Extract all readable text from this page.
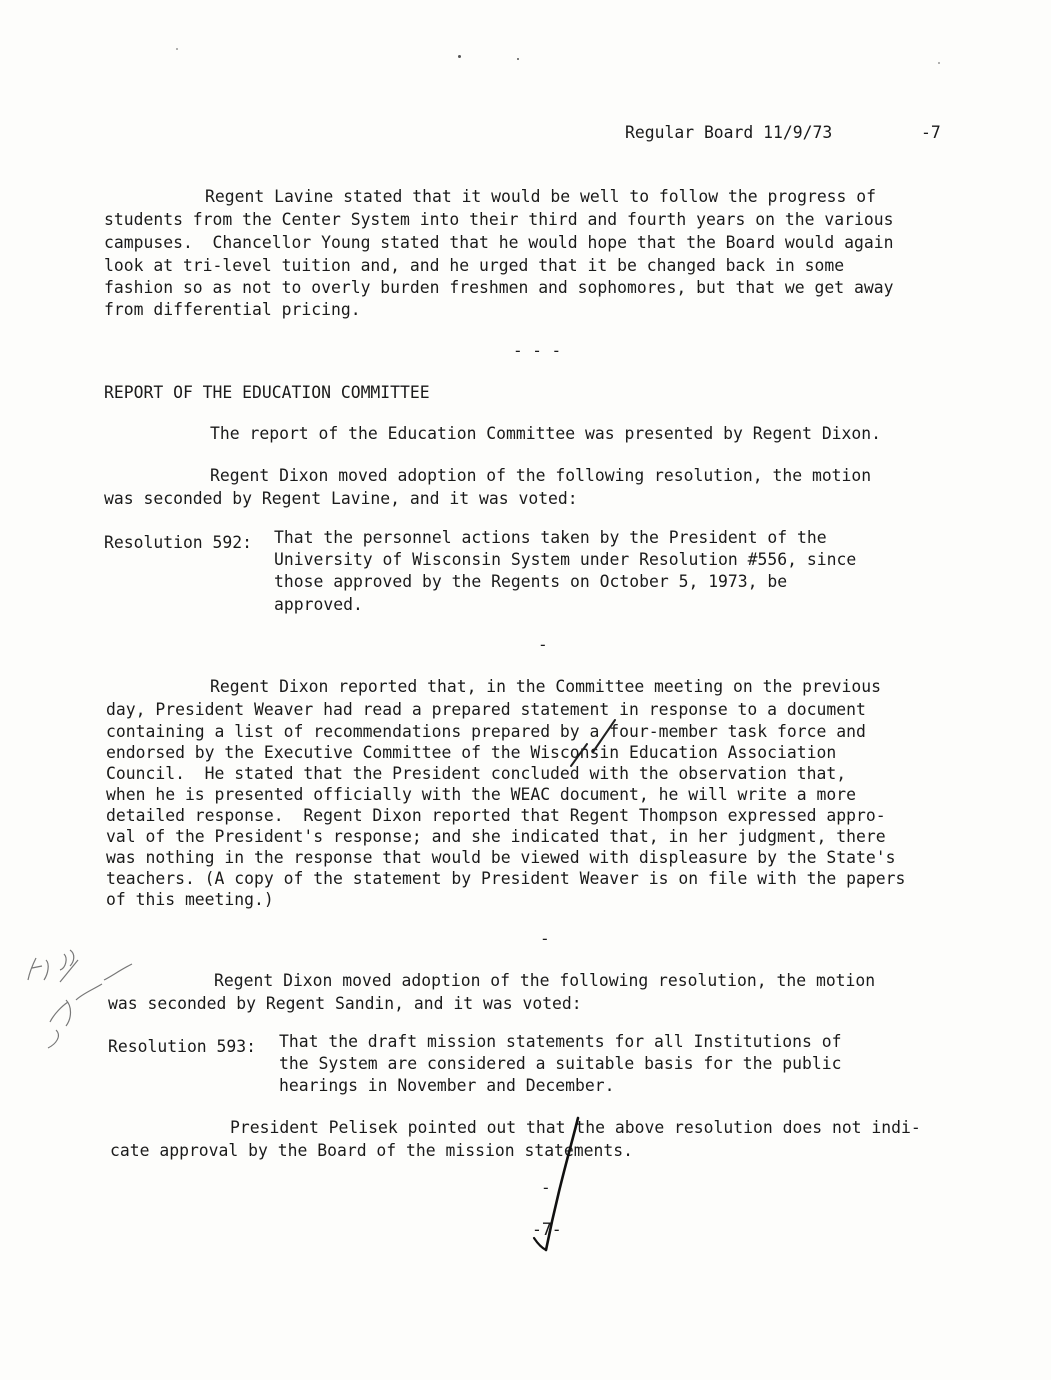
Regular Board 11/9/73	-7
Regent Lavine stated that it would be well to follow the progress of
students from the Center System into their third and fourth years on the various
campuses.  Chancellor Young stated that he would hope that the Board would again
look at tri-level tuition and, and he urged that it be changed back in some
fashion so as not to overly burden freshmen and sophomores, but that we get away
from differential pricing.
- - -
REPORT OF THE EDUCATION COMMITTEE
The report of the Education Committee was presented by Regent Dixon.
Regent Dixon moved adoption of the following resolution, the motion
was seconded by Regent Lavine, and it was voted:
Resolution 592: That the personnel actions taken by the President of the
University of Wisconsin System under Resolution #556, since
those approved by the Regents on October 5, 1973, be
approved.
-
Regent Dixon reported that, in the Committee meeting on the previous
day, President Weaver had read a prepared statement in response to a document
containing a list of recommendations prepared by a four-member task force and
endorsed by the Executive Committee of the Wisconsin Education Association
Council.  He stated that the President concluded with the observation that,
when he is presented officially with the WEAC document, he will write a more
detailed response.  Regent Dixon reported that Regent Thompson expressed appro-
val of the President's response; and she indicated that, in her judgment, there
was nothing in the response that would be viewed with displeasure by the State's
teachers. (A copy of the statement by President Weaver is on file with the papers
of this meeting.)
-
Regent Dixon moved adoption of the following resolution, the motion
was seconded by Regent Sandin, and it was voted:
Resolution 593: That the draft mission statements for all Institutions of
the System are considered a suitable basis for the public
hearings in November and December.
President Pelisek pointed out that the above resolution does not indi-
cate approval by the Board of the mission statements.
-
-7-
